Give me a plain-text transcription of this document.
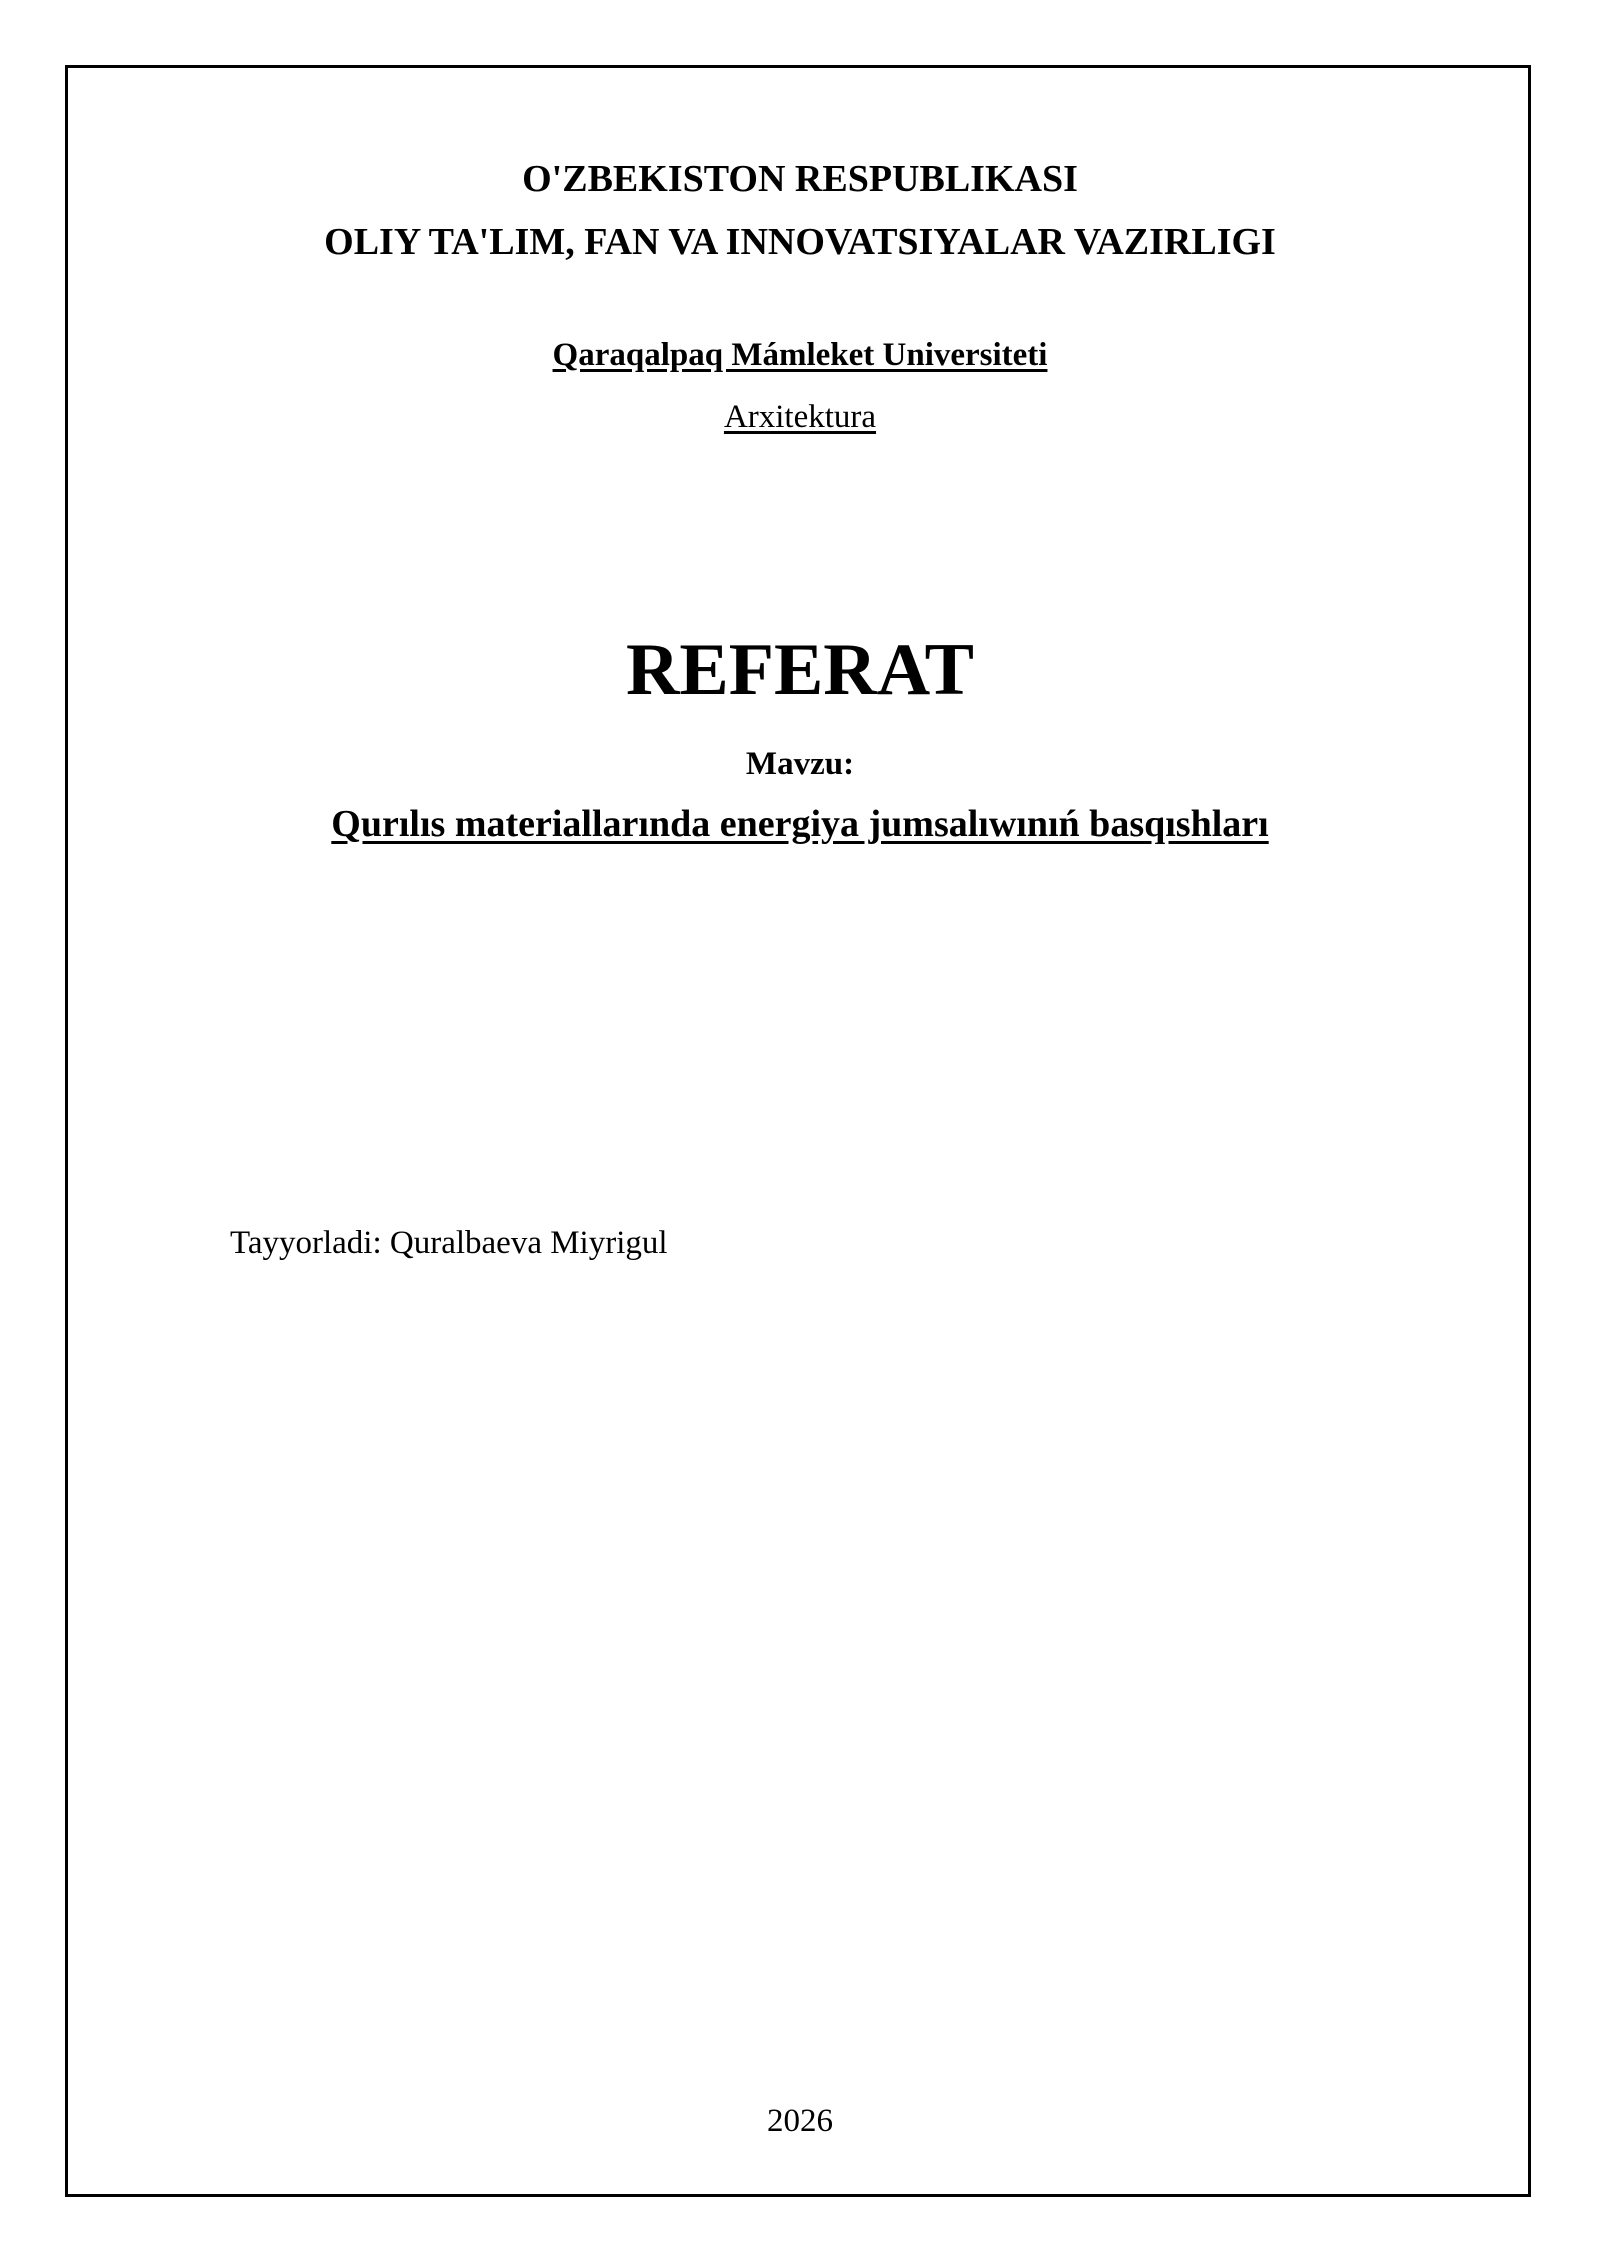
O'ZBEKISTON RESPUBLIKASI
OLIY TA'LIM, FAN VA INNOVATSIYALAR VAZIRLIGI
Qaraqalpaq Mámleket Universiteti
Arxitektura
REFERAT
Mavzu:
Qurılıs materiallarında energiya jumsalıwınıń basqıshları
Tayyorladi: Quralbaeva Miyrigul
2026
